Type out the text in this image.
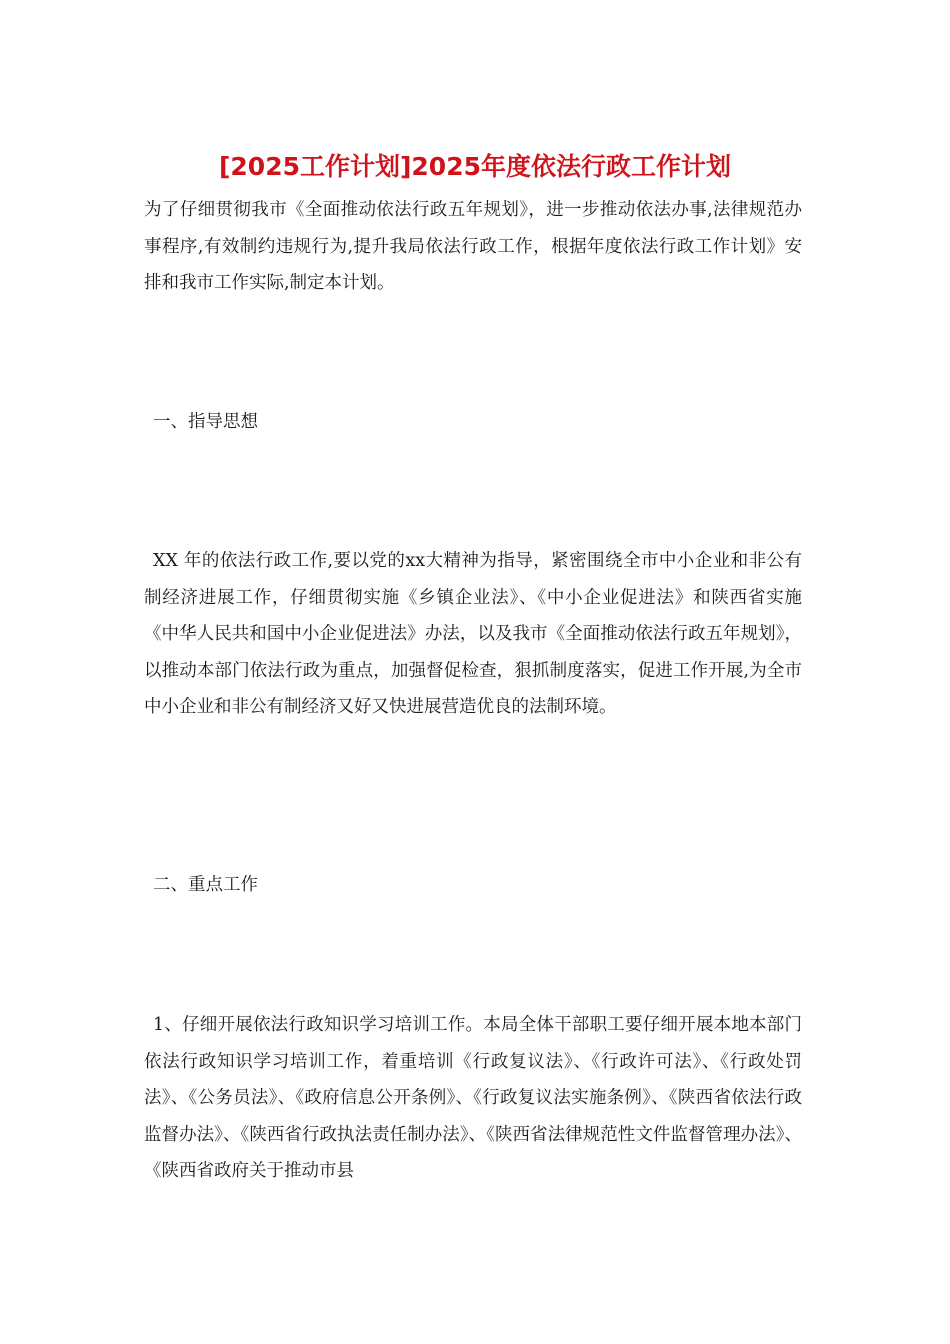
[2025工作计划]2025年度依法行政工作计划

为了仔细贯彻我市《全面推动依法行政五年规划》，进一步推动依法办事,法律规范办事程序,有效制约违规行为,提升我局依法行政工作，根据年度依法行政工作计划》安排和我市工作实际,制定本计划。

一、指导思想

XX 年的依法行政工作,要以党的xx大精神为指导，紧密围绕全市中小企业和非公有制经济进展工作，仔细贯彻实施《乡镇企业法》、《中小企业促进法》和陕西省实施《中华人民共和国中小企业促进法》办法，以及我市《全面推动依法行政五年规划》，以推动本部门依法行政为重点，加强督促检查，狠抓制度落实，促进工作开展,为全市中小企业和非公有制经济又好又快进展营造优良的法制环境。

二、重点工作

1、仔细开展依法行政知识学习培训工作。本局全体干部职工要仔细开展本地本部门依法行政知识学习培训工作，着重培训《行政复议法》、《行政许可法》、《行政处罚法》、《公务员法》、《政府信息公开条例》、《行政复议法实施条例》、《陕西省依法行政监督办法》、《陕西省行政执法责任制办法》、《陕西省法律规范性文件监督管理办法》、《陕西省政府关于推动市县
